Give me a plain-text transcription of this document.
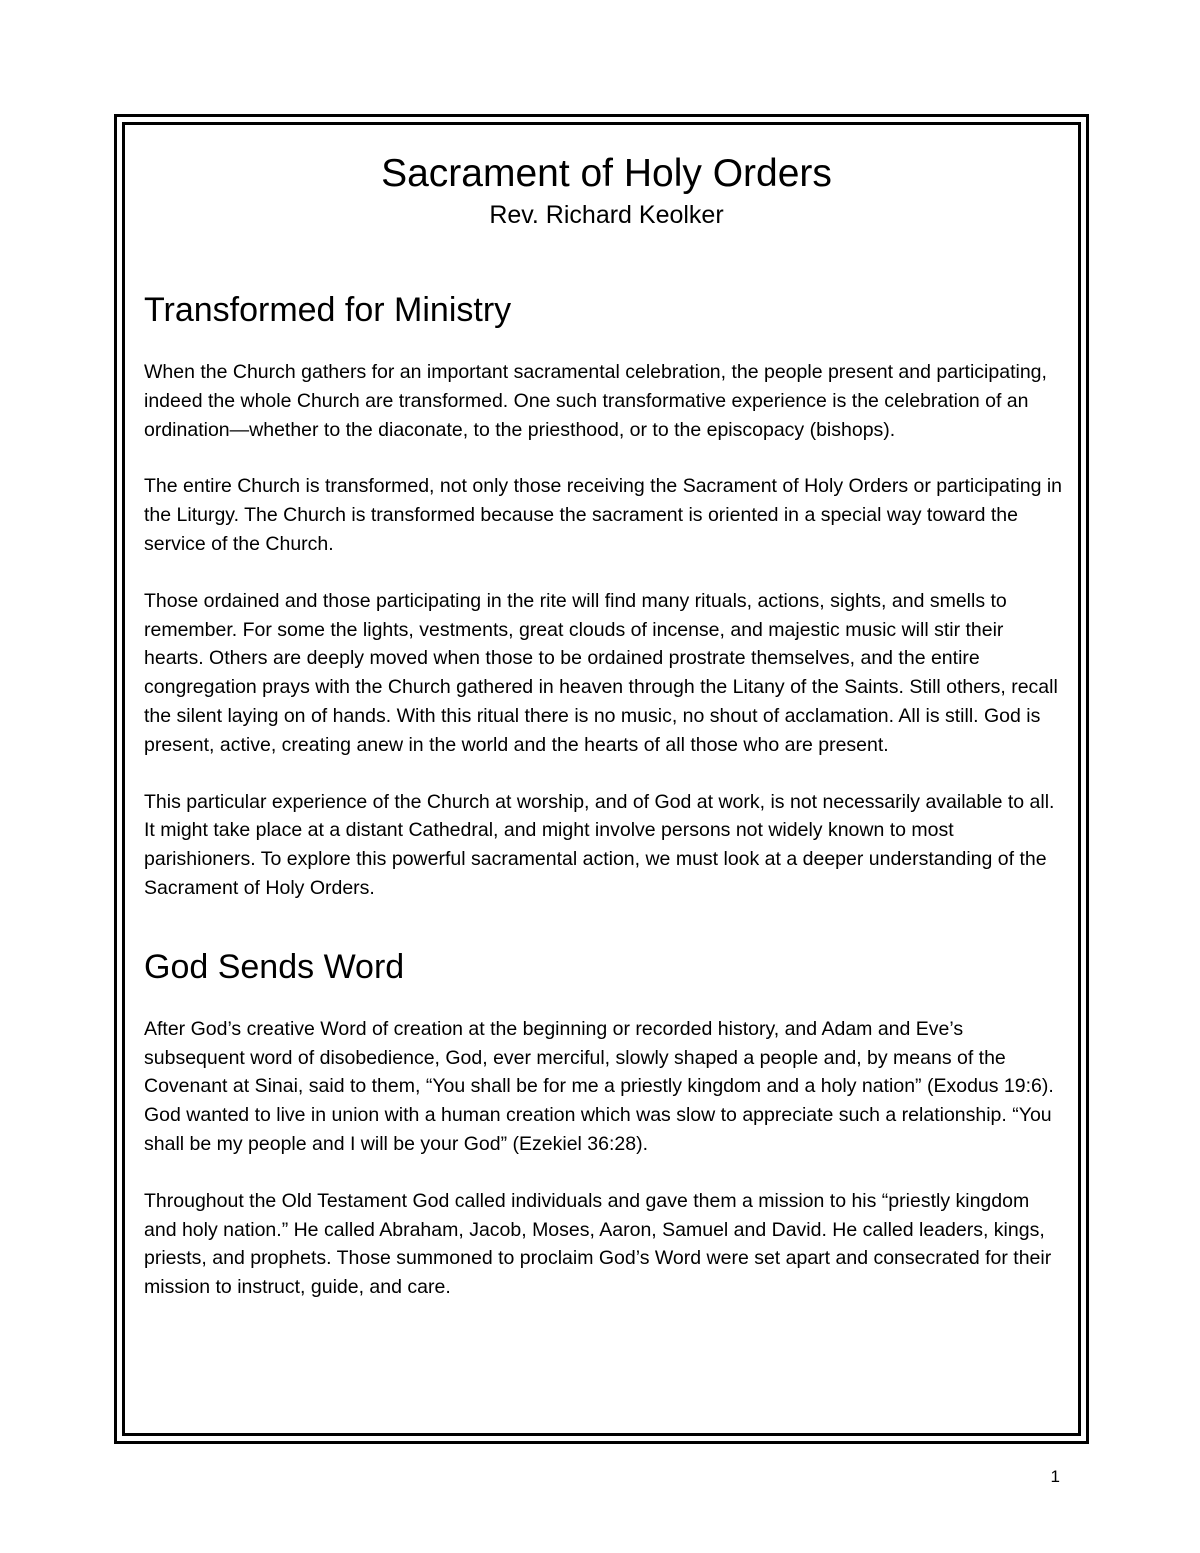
Sacrament of Holy Orders

Rev. Richard Keolker

Transformed for Ministry

When the Church gathers for an important sacramental celebration, the people present and participating, indeed the whole Church are transformed. One such transformative experience is the celebration of an ordination—whether to the diaconate, to the priesthood, or to the episcopacy (bishops).

The entire Church is transformed, not only those receiving the Sacrament of Holy Orders or participating in the Liturgy. The Church is transformed because the sacrament is oriented in a special way toward the service of the Church.

Those ordained and those participating in the rite will find many rituals, actions, sights, and smells to remember. For some the lights, vestments, great clouds of incense, and majestic music will stir their hearts. Others are deeply moved when those to be ordained prostrate themselves, and the entire congregation prays with the Church gathered in heaven through the Litany of the Saints. Still others, recall the silent laying on of hands. With this ritual there is no music, no shout of acclamation. All is still. God is present, active, creating anew in the world and the hearts of all those who are present.

This particular experience of the Church at worship, and of God at work, is not necessarily available to all. It might take place at a distant Cathedral, and might involve persons not widely known to most parishioners. To explore this powerful sacramental action, we must look at a deeper understanding of the Sacrament of Holy Orders.

God Sends Word

After God’s creative Word of creation at the beginning or recorded history, and Adam and Eve’s subsequent word of disobedience, God, ever merciful, slowly shaped a people and, by means of the Covenant at Sinai, said to them, “You shall be for me a priestly kingdom and a holy nation” (Exodus 19:6). God wanted to live in union with a human creation which was slow to appreciate such a relationship. “You shall be my people and I will be your God” (Ezekiel 36:28).

Throughout the Old Testament God called individuals and gave them a mission to his “priestly kingdom and holy nation.” He called Abraham, Jacob, Moses, Aaron, Samuel and David. He called leaders, kings, priests, and prophets. Those summoned to proclaim God’s Word were set apart and consecrated for their mission to instruct, guide, and care.

1
